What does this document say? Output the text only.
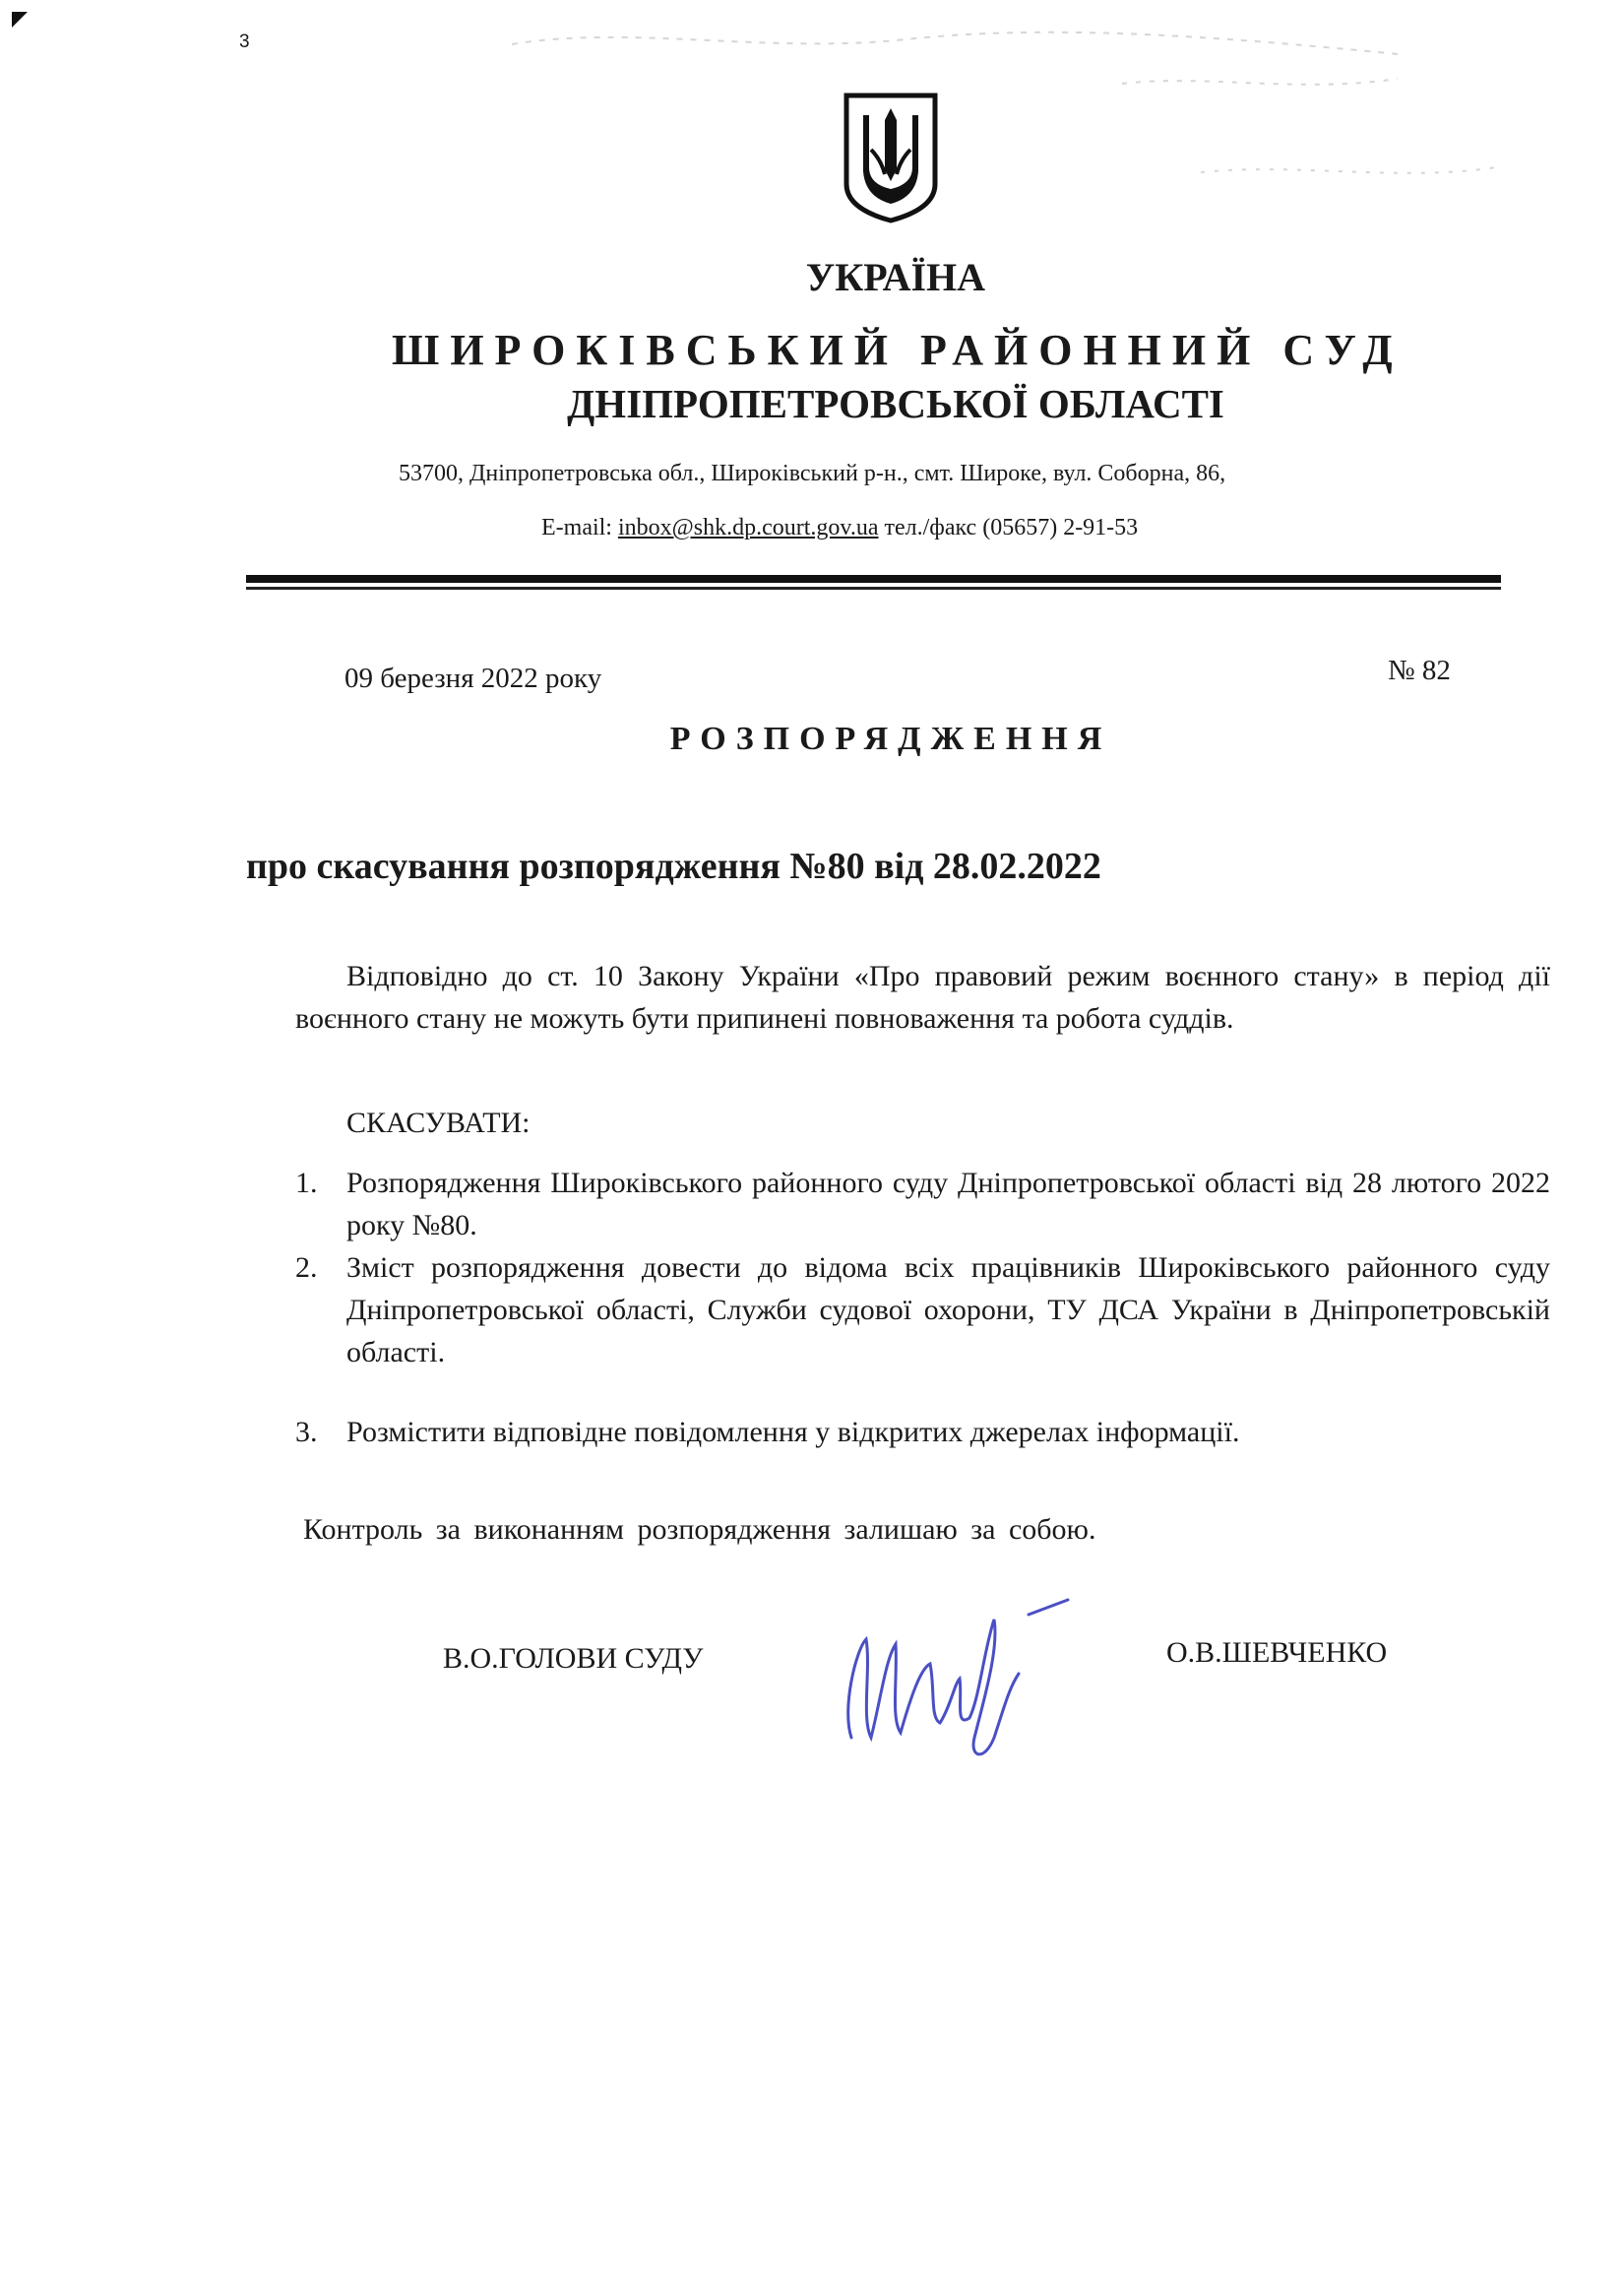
3
УКРАЇНА
ШИРОКІВСЬКИЙ РАЙОННИЙ СУД
ДНІПРОПЕТРОВСЬКОЇ ОБЛАСТІ
53700, Дніпропетровська обл., Широківський р-н., смт. Широке, вул. Соборна, 86,
E-mail: inbox@shk.dp.court.gov.ua тел./факс (05657) 2-91-53
09 березня 2022 року	№ 82
РОЗПОРЯДЖЕННЯ
про скасування розпорядження №80 від 28.02.2022
Відповідно до ст. 10 Закону України «Про правовий режим воєнного стану» в період дії воєнного стану не можуть бути припинені повноваження та робота суддів.
СКАСУВАТИ:
1. Розпорядження Широківського районного суду Дніпропетровської області від 28 лютого 2022 року №80.
2. Зміст розпорядження довести до відома всіх працівників Широківського районного суду Дніпропетровської області, Служби судової охорони, ТУ ДСА України в Дніпропетровській області.
3. Розмістити відповідне повідомлення у відкритих джерелах інформації.
Контроль за виконанням розпорядження залишаю за собою.
В.О.ГОЛОВИ СУДУ	О.В.ШЕВЧЕНКО
